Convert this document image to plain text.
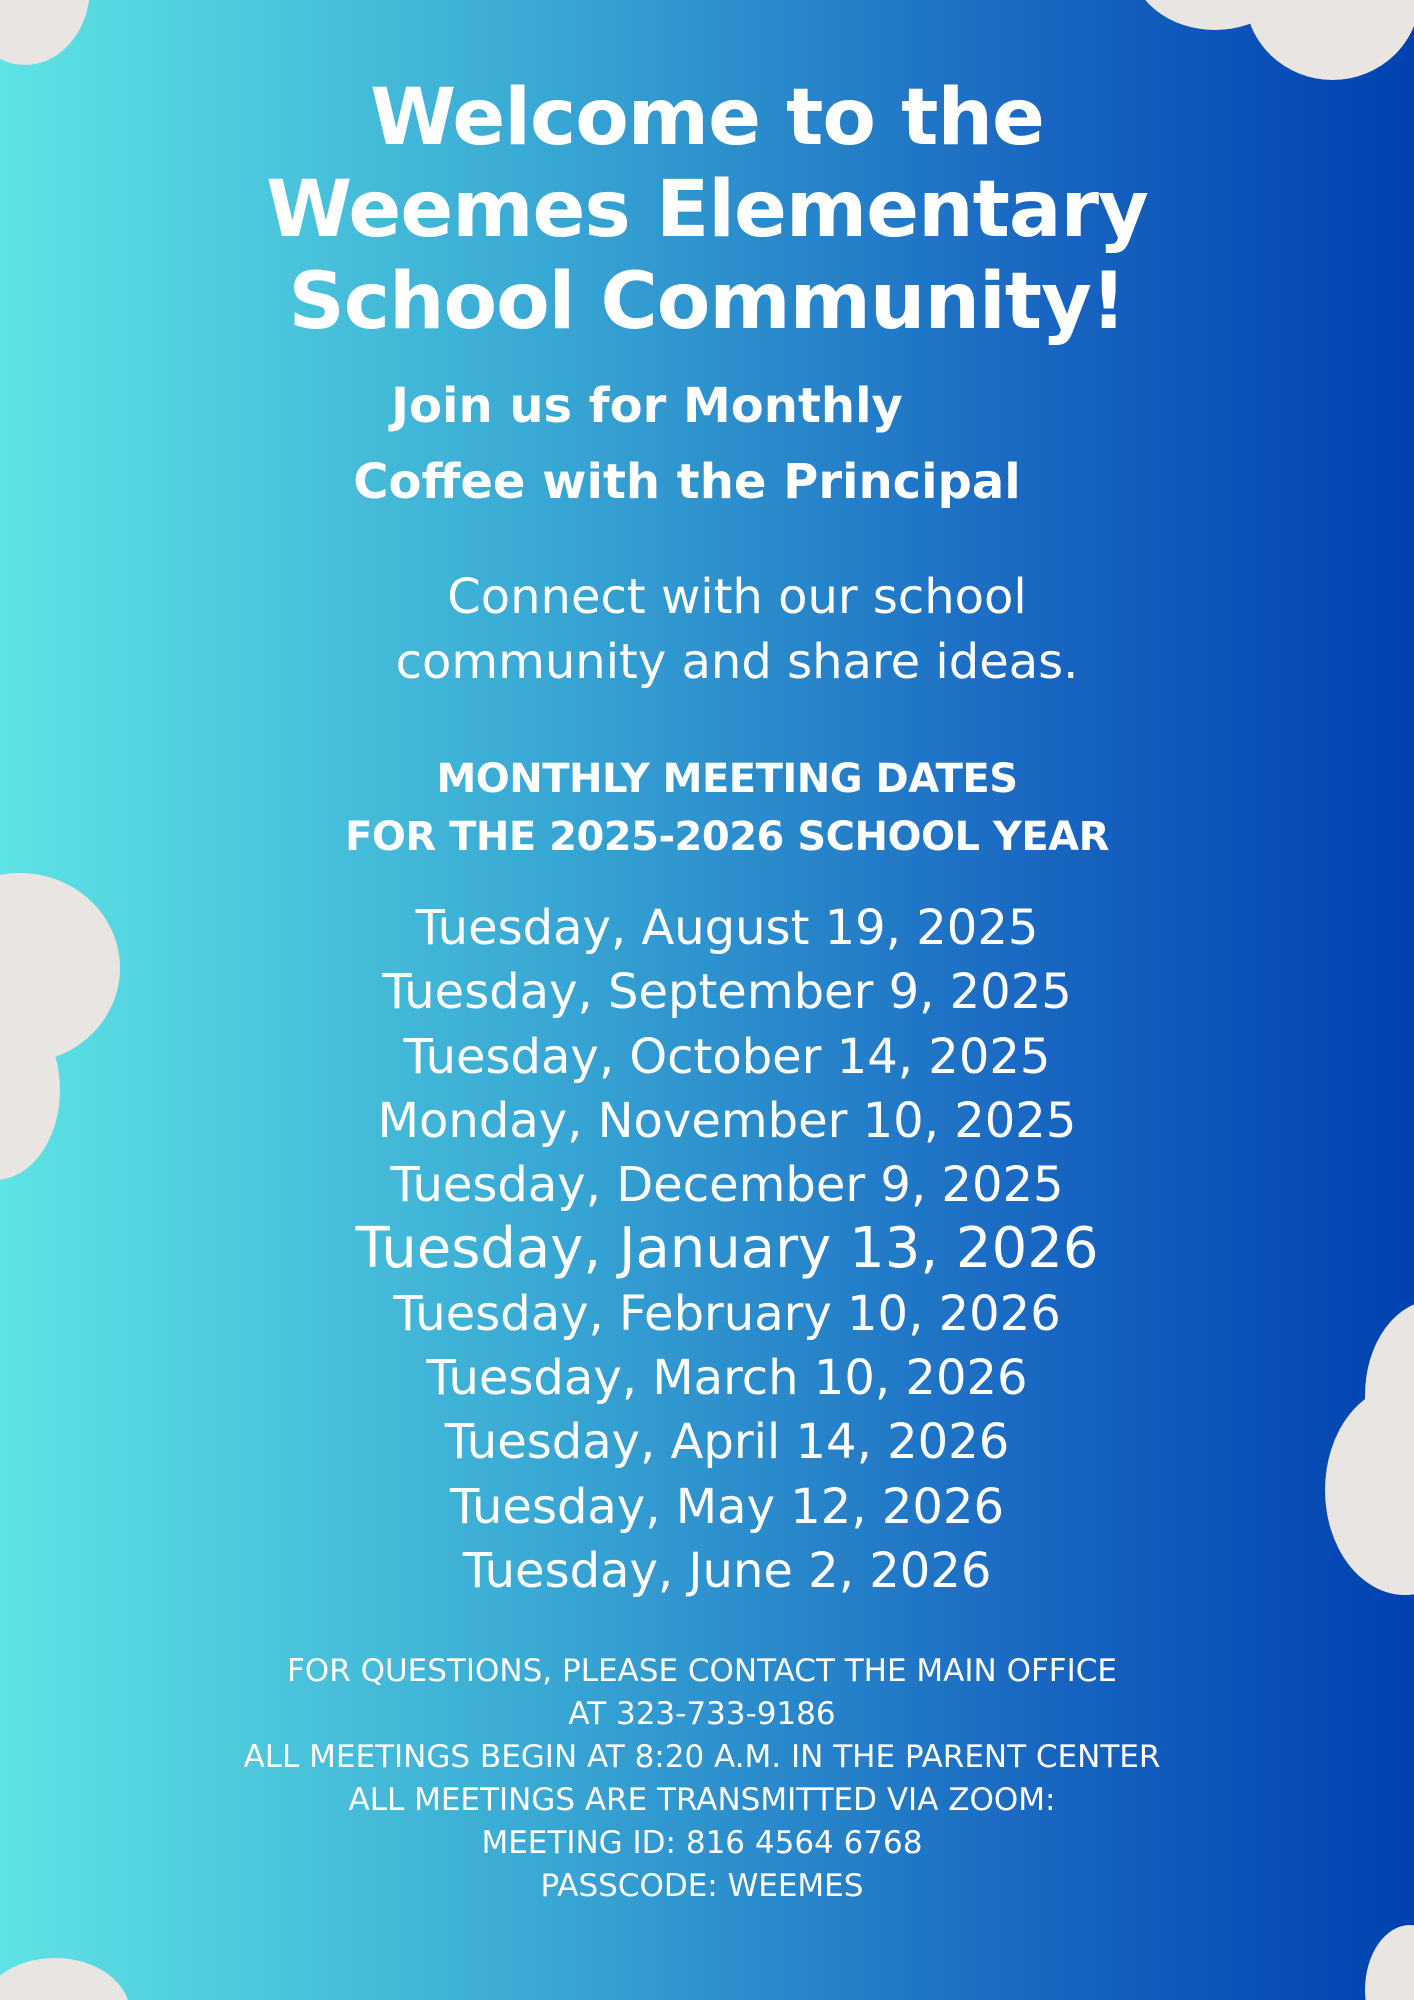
Welcome to the
Weemes Elementary
School Community!
Join us for Monthly
Coffee with the Principal

Connect with our school
community and share ideas.

MONTHLY MEETING DATES
FOR THE 2025-2026 SCHOOL YEAR
Tuesday, August 19, 2025
Tuesday, September 9, 2025
Tuesday, October 14, 2025
Monday, November 10, 2025
Tuesday, December 9, 2025
Tuesday, January 13, 2026
Tuesday, February 10, 2026
Tuesday, March 10, 2026
Tuesday, April 14, 2026
Tuesday, May 12, 2026
Tuesday, June 2, 2026
FOR QUESTIONS, PLEASE CONTACT THE MAIN OFFICE
AT 323-733-9186
ALL MEETINGS BEGIN AT 8:20 A.M. IN THE PARENT CENTER
ALL MEETINGS ARE TRANSMITTED VIA ZOOM:
MEETING ID: 816 4564 6768
PASSCODE: WEEMES
